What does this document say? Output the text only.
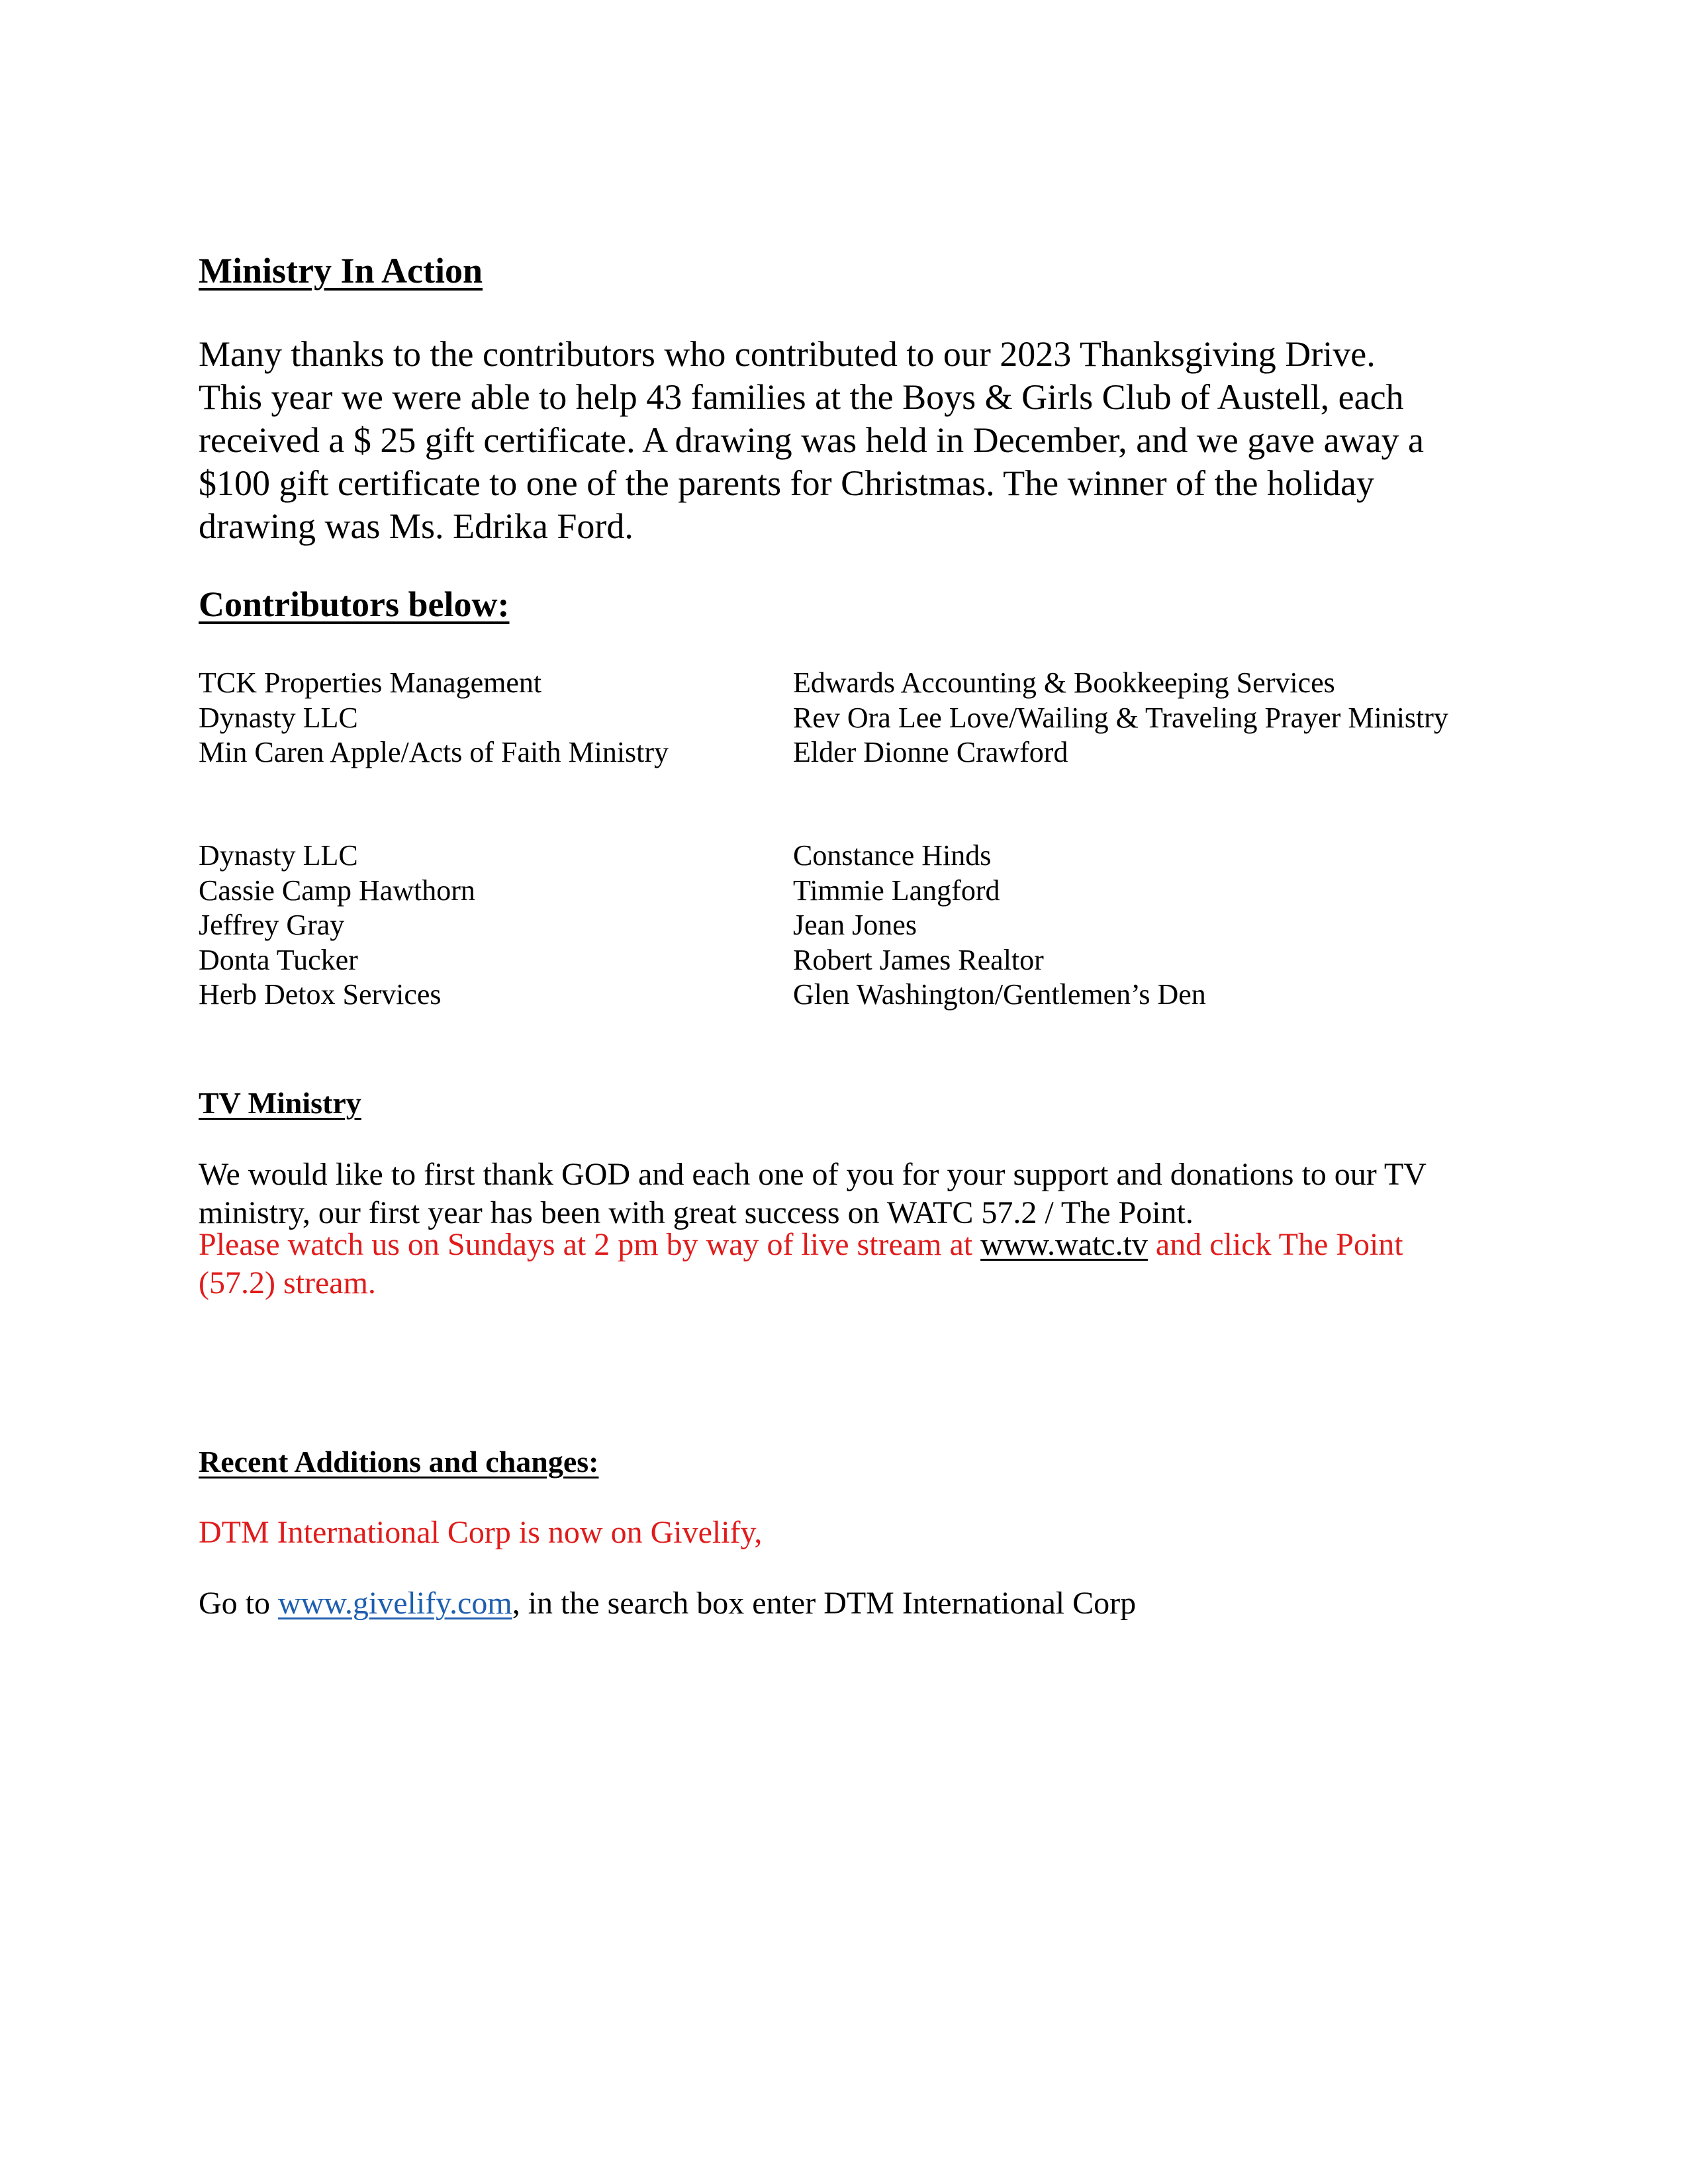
Ministry In Action
Many thanks to the contributors who contributed to our 2023 Thanksgiving Drive.
This year we were able to help 43 families at the Boys & Girls Club of Austell, each
received a $ 25 gift certificate. A drawing was held in December, and we gave away a
$100 gift certificate to one of the parents for Christmas. The winner of the holiday
drawing was Ms. Edrika Ford.
Contributors below:
TCK Properties Management
Dynasty LLC
Min Caren Apple/Acts of Faith Ministry
Edwards Accounting & Bookkeeping Services
Rev Ora Lee Love/Wailing & Traveling Prayer Ministry
Elder Dionne Crawford
Dynasty LLC
Cassie Camp Hawthorn
Jeffrey Gray
Donta Tucker
Herb Detox Services
Constance Hinds
Timmie Langford
Jean Jones
Robert James Realtor
Glen Washington/Gentlemen’s Den
TV Ministry
We would like to first thank GOD and each one of you for your support and donations to our TV
ministry, our first year has been with great success on WATC 57.2 / The Point.
Please watch us on Sundays at 2 pm by way of live stream at www.watc.tv and click The Point
(57.2) stream.
Recent Additions and changes:
DTM International Corp is now on Givelify,
Go to www.givelify.com, in the search box enter DTM International Corp
